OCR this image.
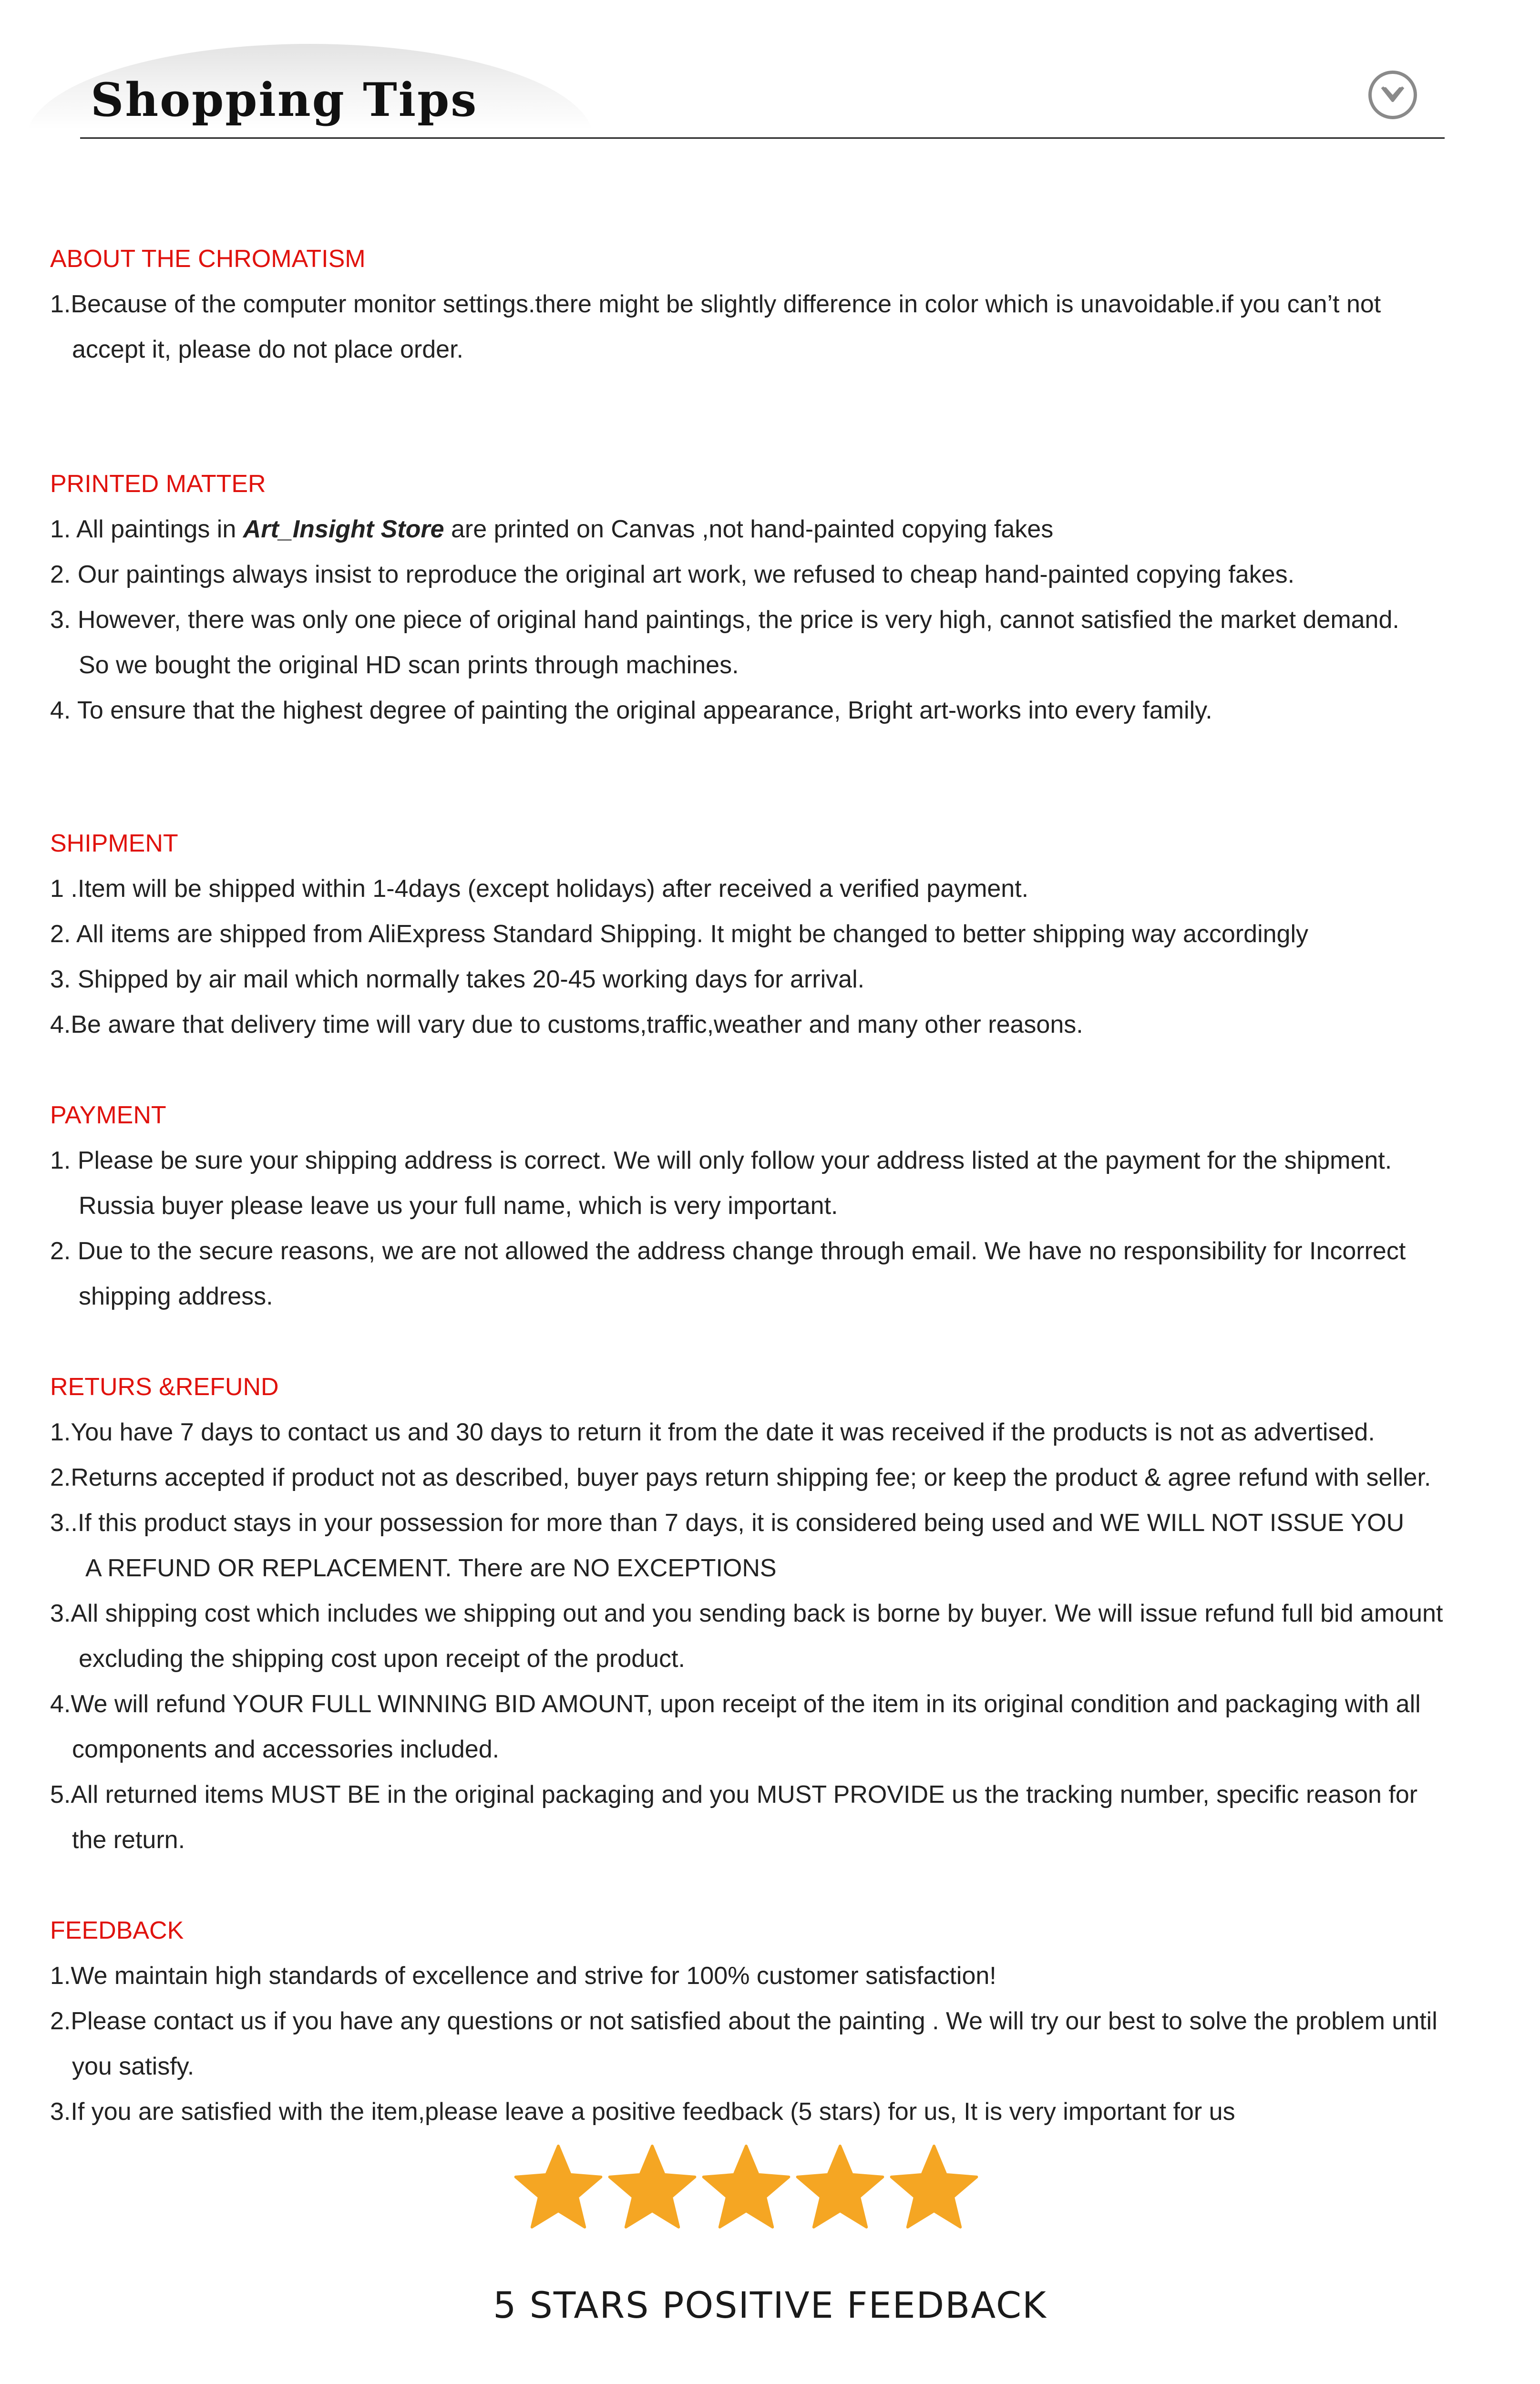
Shopping Tips
ABOUT THE CHROMATISM

1.Because of the computer monitor settings.there might be slightly difference in color which is unavoidable.if you can’t not

accept it, please do not place order.

PRINTED MATTER

1. All paintings in Art_Insight Store are printed on Canvas ,not hand-painted copying fakes

2. Our paintings always insist to reproduce the original art work, we refused to cheap hand-painted copying fakes.

3. However, there was only one piece of original hand paintings, the price is very high, cannot satisfied the market demand.

So we bought the original HD scan prints through machines.

4. To ensure that the highest degree of painting the original appearance, Bright art-works into every family.

SHIPMENT

1 .Item will be shipped within 1-4days (except holidays) after received a verified payment.

2. All items are shipped from AliExpress Standard Shipping. It might be changed to better shipping way accordingly

3. Shipped by air mail which normally takes 20-45 working days for arrival.

4.Be aware that delivery time will vary due to customs,traffic,weather and many other reasons.

PAYMENT

1. Please be sure your shipping address is correct. We will only follow your address listed at the payment for the shipment.

Russia buyer please leave us your full name, which is very important.

2. Due to the secure reasons, we are not allowed the address change through email. We have no responsibility for Incorrect

shipping address.

RETURS &REFUND

1.You have 7 days to contact us and 30 days to return it from the date it was received if the products is not as advertised.

2.Returns accepted if product not as described, buyer pays return shipping fee; or keep the product & agree refund with seller.

3..If this product stays in your possession for more than 7 days, it is considered being used and WE WILL NOT ISSUE YOU

A REFUND OR REPLACEMENT. There are NO EXCEPTIONS

3.All shipping cost which includes we shipping out and you sending back is borne by buyer. We will issue refund full bid amount

excluding the shipping cost upon receipt of the product.

4.We will refund YOUR FULL WINNING BID AMOUNT, upon receipt of the item in its original condition and packaging with all

components and accessories included.

5.All returned items MUST BE in the original packaging and you MUST PROVIDE us the tracking number, specific reason for

the return.

FEEDBACK

1.We maintain high standards of excellence and strive for 100% customer satisfaction!

2.Please contact us if you have any questions or not satisfied about the painting . We will try our best to solve the problem until

you satisfy.

3.If you are satisfied with the item,please leave a positive feedback (5 stars) for us, It is very important for us

5 STARS POSITIVE FEEDBACK
